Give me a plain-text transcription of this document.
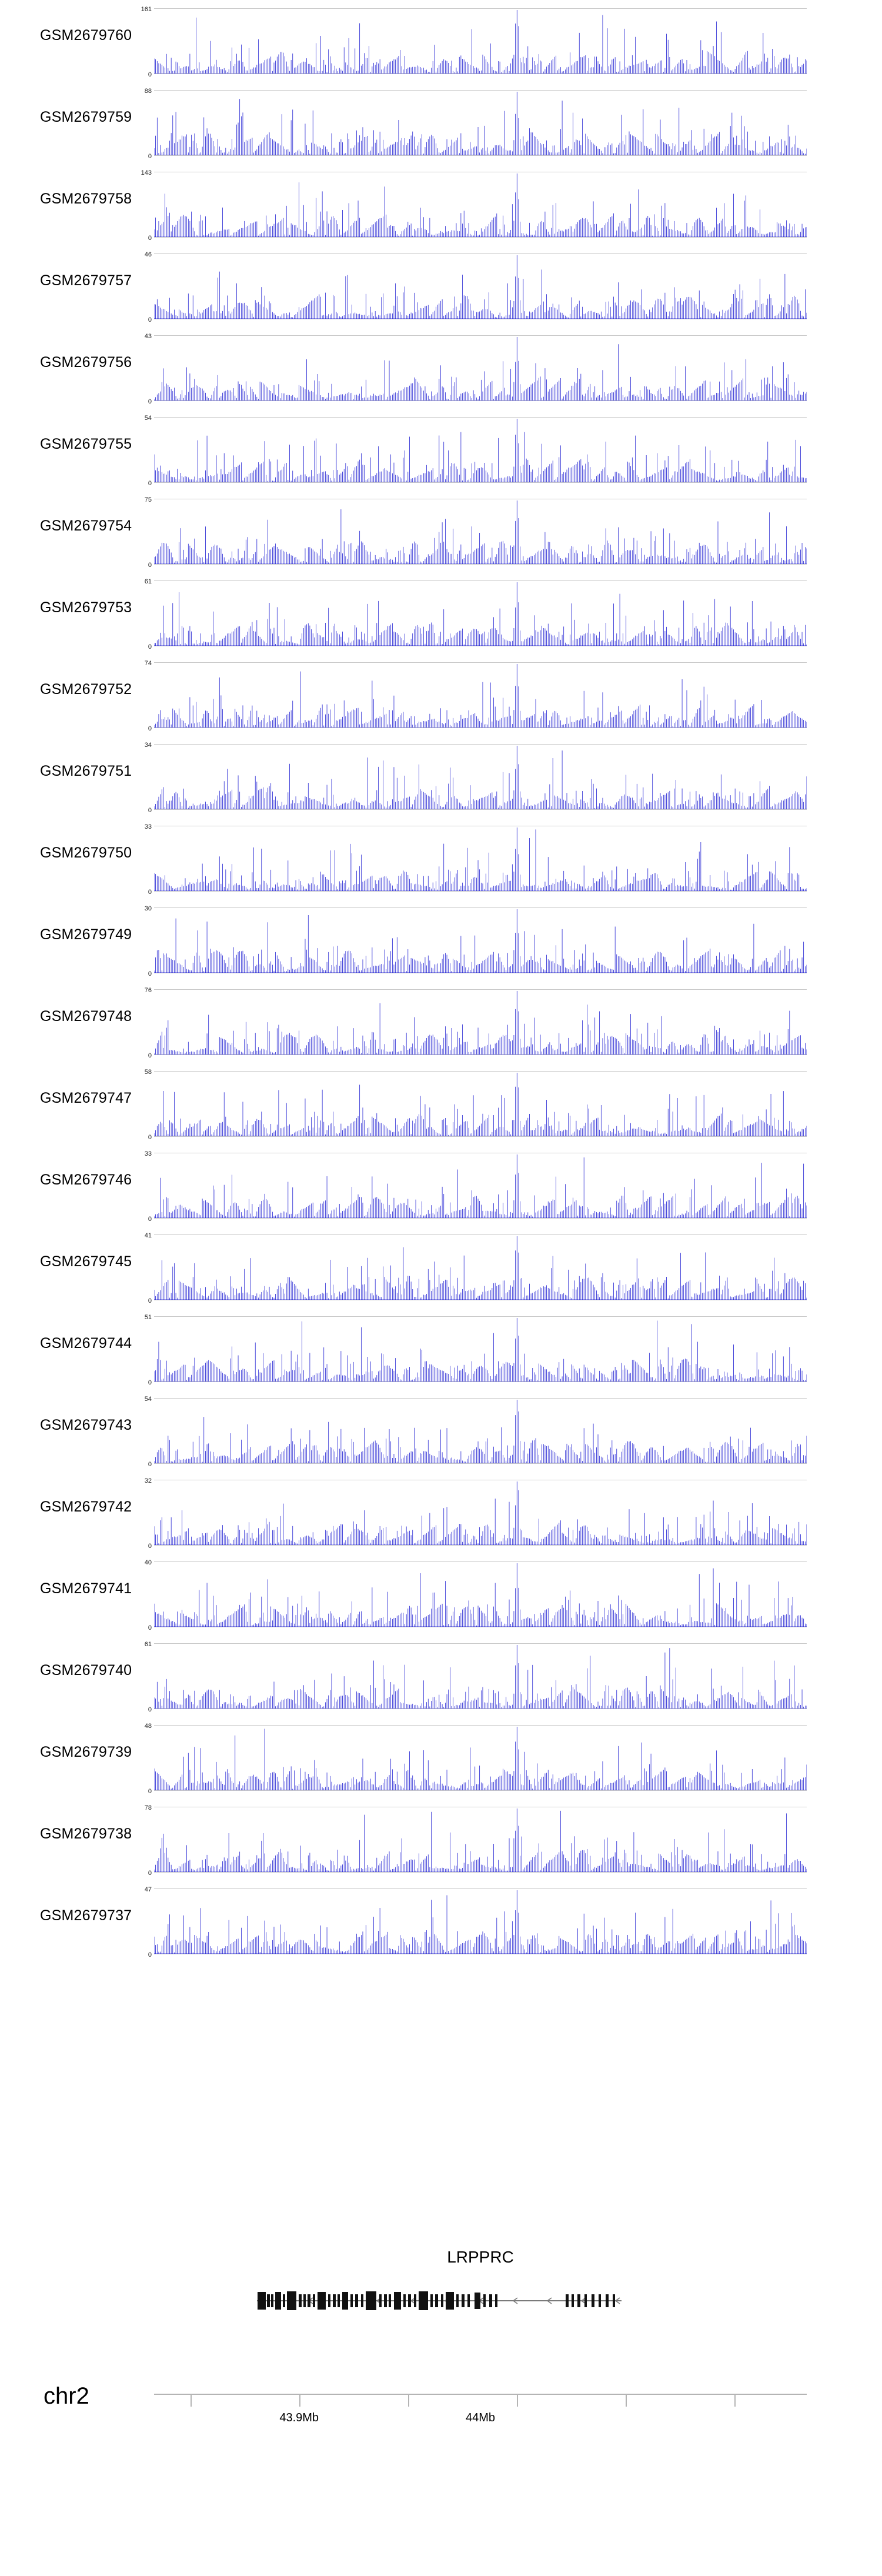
GSM2679760
161
0
GSM2679759
88
0
GSM2679758
143
0
GSM2679757
46
0
GSM2679756
43
0
GSM2679755
54
0
GSM2679754
75
0
GSM2679753
61
0
GSM2679752
74
0
GSM2679751
34
0
GSM2679750
33
0
GSM2679749
30
0
GSM2679748
76
0
GSM2679747
58
0
GSM2679746
33
0
GSM2679745
41
0
GSM2679744
51
0
GSM2679743
54
0
GSM2679742
32
0
GSM2679741
40
0
GSM2679740
61
0
GSM2679739
48
0
GSM2679738
78
0
GSM2679737
47
0
LRPPRC
chr2
43.9Mb	44Mb
